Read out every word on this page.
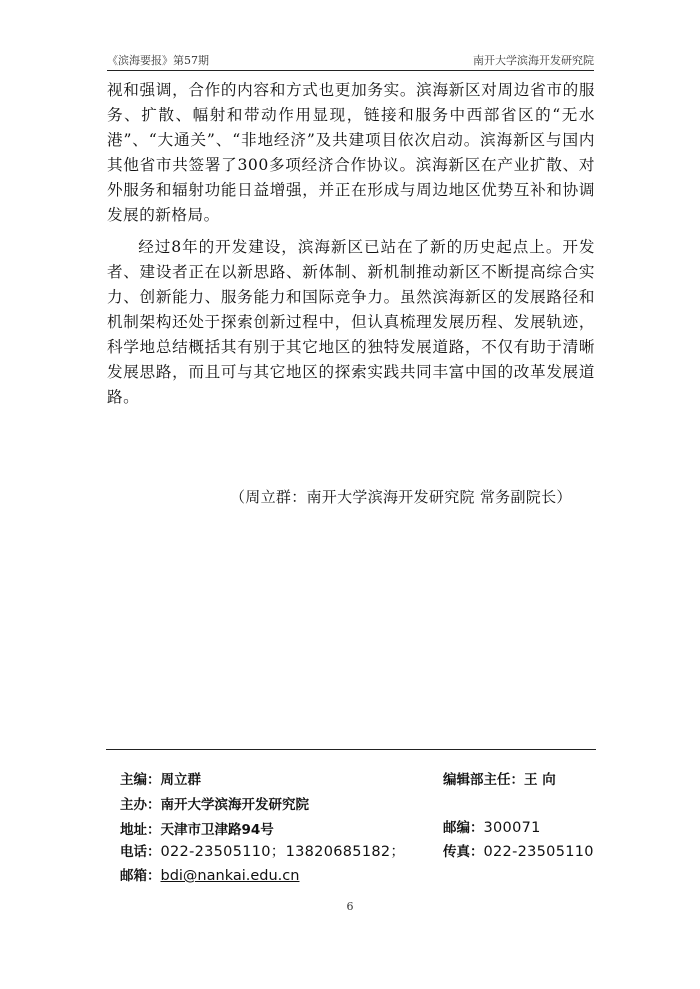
《滨海要报》第57期	南开大学滨海开发研究院

视和强调，合作的内容和方式也更加务实。滨海新区对周边省市的服务、扩散、幅射和带动作用显现，链接和服务中西部省区的“无水港”、“大通关”、“非地经济”及共建项目依次启动。滨海新区与国内其他省市共签署了300多项经济合作协议。滨海新区在产业扩散、对外服务和辐射功能日益增强，并正在形成与周边地区优势互补和协调发展的新格局。

经过8年的开发建设，滨海新区已站在了新的历史起点上。开发者、建设者正在以新思路、新体制、新机制推动新区不断提高综合实力、创新能力、服务能力和国际竞争力。虽然滨海新区的发展路径和机制架构还处于探索创新过程中，但认真梳理发展历程、发展轨迹，科学地总结概括其有别于其它地区的独特发展道路，不仅有助于清晰发展思路，而且可与其它地区的探索实践共同丰富中国的改革发展道路。

（周立群：南开大学滨海开发研究院 常务副院长）
主编：周立群	编辑部主任：王 向
主办：南开大学滨海开发研究院
地址：天津市卫津路94号	邮编：300071
电话：022-23505110；13820685182；	传真：022-23505110
邮箱：bdi@nankai.edu.cn
6
